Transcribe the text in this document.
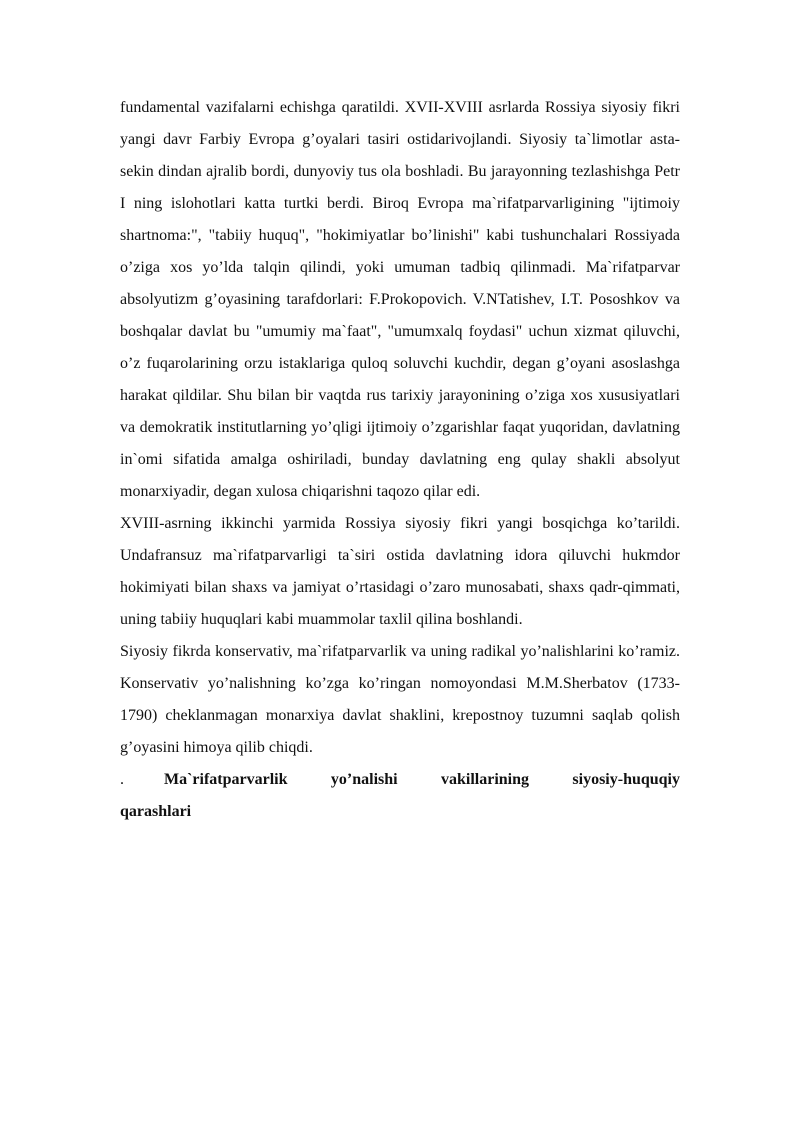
fundamental vazifalarni echishga qaratildi. XVII-XVIII asrlarda Rossiya siyosiy fikri yangi davr Farbiy Evropa g’oyalari tasiri ostidarivojlandi. Siyosiy ta`limotlar asta-sekin dindan ajralib bordi, dunyoviy tus ola boshladi. Bu jarayonning tezlashishga Petr I ning islohotlari katta turtki berdi. Biroq Evropa ma`rifatparvarligining "ijtimoiy shartnoma:", "tabiiy huquq", "hokimiyatlar bo’linishi" kabi tushunchalari Rossiyada o’ziga xos yo’lda talqin qilindi, yoki umuman tadbiq qilinmadi. Ma`rifatparvar absolyutizm g’oyasining tarafdorlari: F.Prokopovich. V.NTatishev, I.T. Pososhkov va boshqalar davlat bu "umumiy ma`faat", "umumxalq foydasi" uchun xizmat qiluvchi, o’z fuqarolarining orzu istaklariga quloq soluvchi kuchdir, degan g’oyani asoslashga harakat qildilar. Shu bilan bir vaqtda rus tarixiy jarayonining o’ziga xos xususiyatlari va demokratik institutlarning yo’qligi ijtimoiy o’zgarishlar faqat yuqoridan, davlatning in`omi sifatida amalga oshiriladi, bunday davlatning eng qulay shakli absolyut monarxiyadir, degan xulosa chiqarishni taqozo qilar edi.

XVIII-asrning ikkinchi yarmida Rossiya siyosiy fikri yangi bosqichga ko’tarildi. Undafransuz ma`rifatparvarligi ta`siri ostida davlatning idora qiluvchi hukmdor hokimiyati bilan shaxs va jamiyat o’rtasidagi o’zaro munosabati, shaxs qadr-qimmati, uning tabiiy huquqlari kabi muammolar taxlil qilina boshlandi.

Siyosiy fikrda konservativ, ma`rifatparvarlik va uning radikal yo’nalishlarini ko’ramiz. Konservativ yo’nalishning ko’zga ko’ringan nomoyondasi M.M.Sherbatov (1733-1790) cheklanmagan monarxiya davlat shaklini, krepostnoy tuzumni saqlab qolish g’oyasini himoya qilib chiqdi.

.	Ma`rifatparvarlik yo’nalishi vakillarining siyosiy-huquqiy qarashlari
